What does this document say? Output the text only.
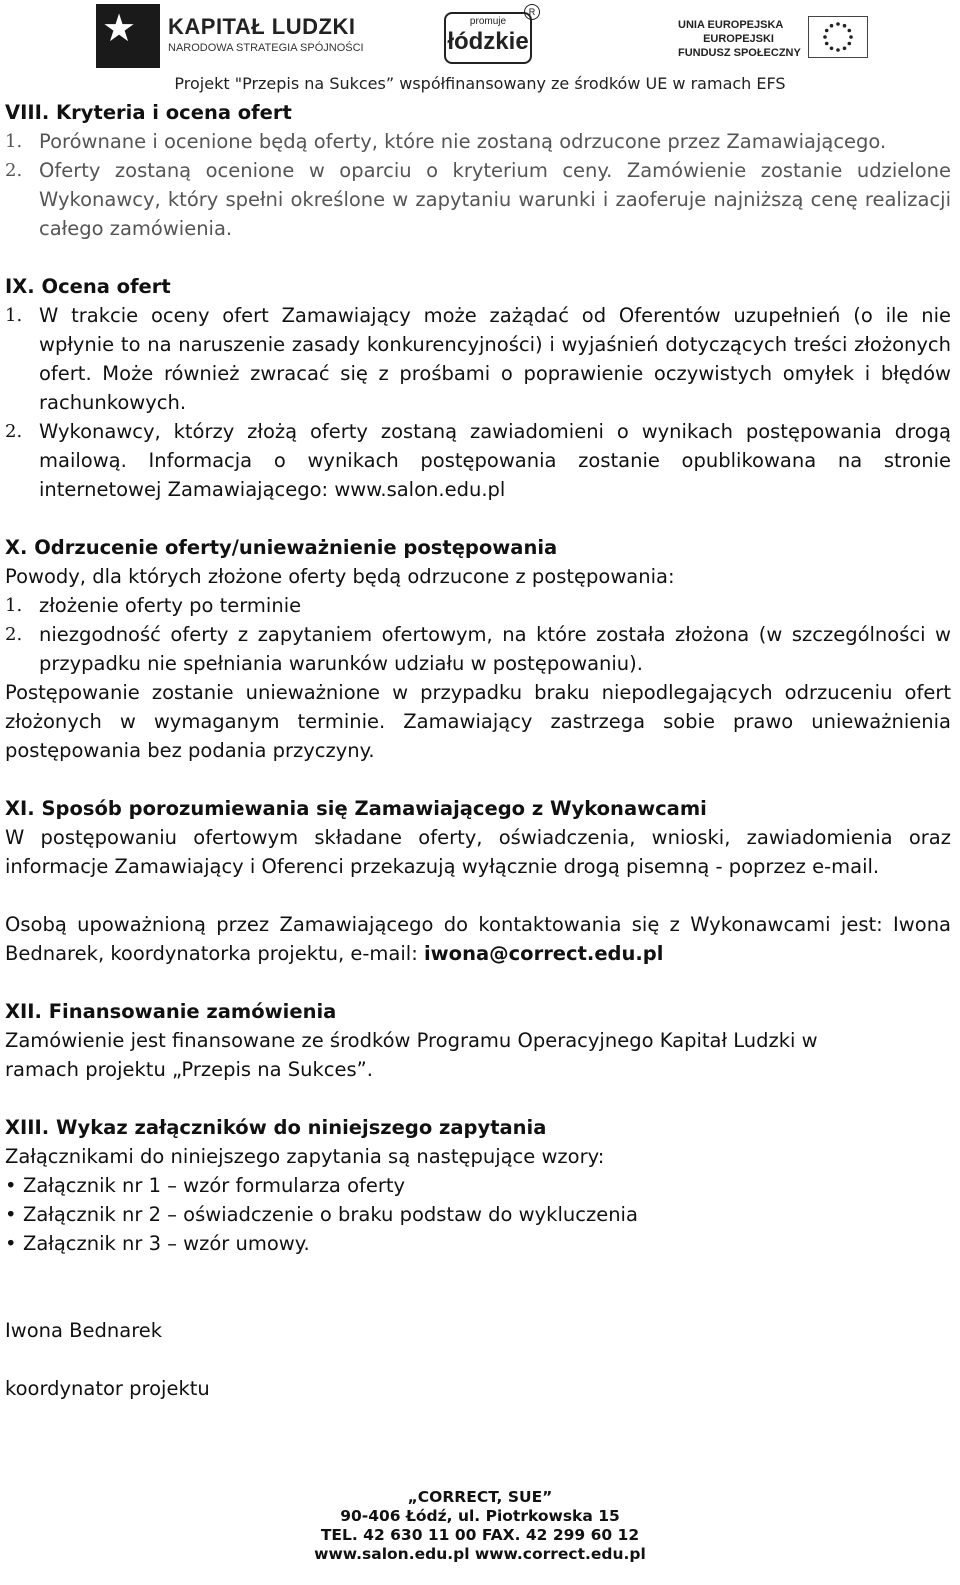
★ KAPITAŁ LUDZKI
NARODOWA STRATEGIA SPÓJNOŚCI
promuje
łódzkie
R
UNIA EUROPEJSKA
EUROPEJSKI
FUNDUSZ SPOŁECZNY
Projekt "Przepis na Sukces” współfinansowany ze środków UE w ramach EFS

VIII. Kryteria i ocena ofert

1. Porównane i ocenione będą oferty, które nie zostaną odrzucone przez Zamawiającego.
2. Oferty zostaną ocenione w oparciu o kryterium ceny. Zamówienie zostanie udzielone Wykonawcy, który spełni określone w zapytaniu warunki i zaoferuje najniższą cenę realizacji całego zamówienia.

IX. Ocena ofert

1. W trakcie oceny ofert Zamawiający może zażądać od Oferentów uzupełnień (o ile nie wpłynie to na naruszenie zasady konkurencyjności) i wyjaśnień dotyczących treści złożonych ofert. Może również zwracać się z prośbami o poprawienie oczywistych omyłek i błędów rachunkowych.
2. Wykonawcy, którzy złożą oferty zostaną zawiadomieni o wynikach postępowania drogą mailową. Informacja o wynikach postępowania zostanie opublikowana na stronie internetowej Zamawiającego: www.salon.edu.pl

X. Odrzucenie oferty/unieważnienie postępowania

Powody, dla których złożone oferty będą odrzucone z postępowania:

1. złożenie oferty po terminie
2. niezgodność oferty z zapytaniem ofertowym, na które została złożona (w szczególności w przypadku nie spełniania warunków udziału w postępowaniu).

Postępowanie zostanie unieważnione w przypadku braku niepodlegających odrzuceniu ofert złożonych w wymaganym terminie. Zamawiający zastrzega sobie prawo unieważnienia postępowania bez podania przyczyny.

XI. Sposób porozumiewania się Zamawiającego z Wykonawcami

W postępowaniu ofertowym składane oferty, oświadczenia, wnioski, zawiadomienia oraz informacje Zamawiający i Oferenci przekazują wyłącznie drogą pisemną - poprzez e-mail.

Osobą upoważnioną przez Zamawiającego do kontaktowania się z Wykonawcami jest: Iwona Bednarek, koordynatorka projektu, e-mail: iwona@correct.edu.pl

XII. Finansowanie zamówienia

Zamówienie jest finansowane ze środków Programu Operacyjnego Kapitał Ludzki w

ramach projektu „Przepis na Sukces”.

XIII. Wykaz załączników do niniejszego zapytania

Załącznikami do niniejszego zapytania są następujące wzory:

• Załącznik nr 1 – wzór formularza oferty
• Załącznik nr 2 – oświadczenie o braku podstaw do wykluczenia
• Załącznik nr 3 – wzór umowy.

Iwona Bednarek

koordynator projektu

„CORRECT, SUE”
90-406 Łódź, ul. Piotrkowska 15
TEL. 42 630 11 00 FAX. 42 299 60 12
www.salon.edu.pl www.correct.edu.pl
